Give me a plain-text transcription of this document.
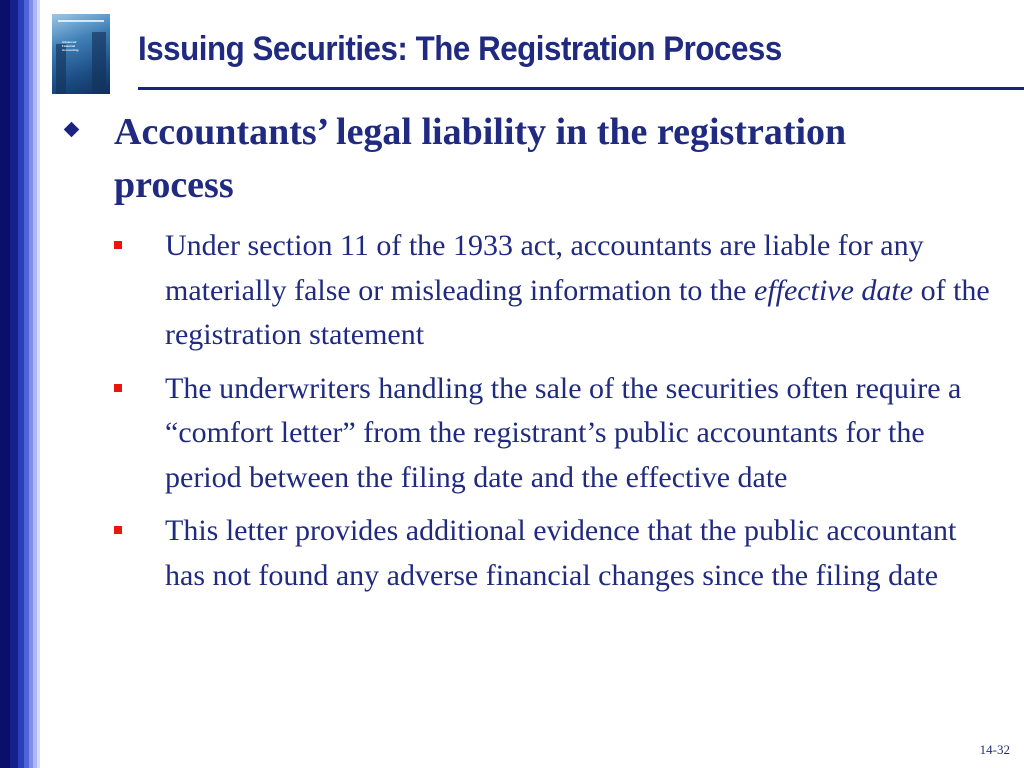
Advanced Financial Accounting	Issuing Securities: The Registration Process
Accountants’ legal liability in the registration process
Under section 11 of the 1933 act, accountants are liable for any materially false or misleading information to the effective date of the registration statement
The underwriters handling the sale of the securities often require a “comfort letter” from the registrant’s public accountants for the period between the filing date and the effective date
This letter provides additional evidence that the public accountant has not found any adverse financial changes since the filing date
14-32
